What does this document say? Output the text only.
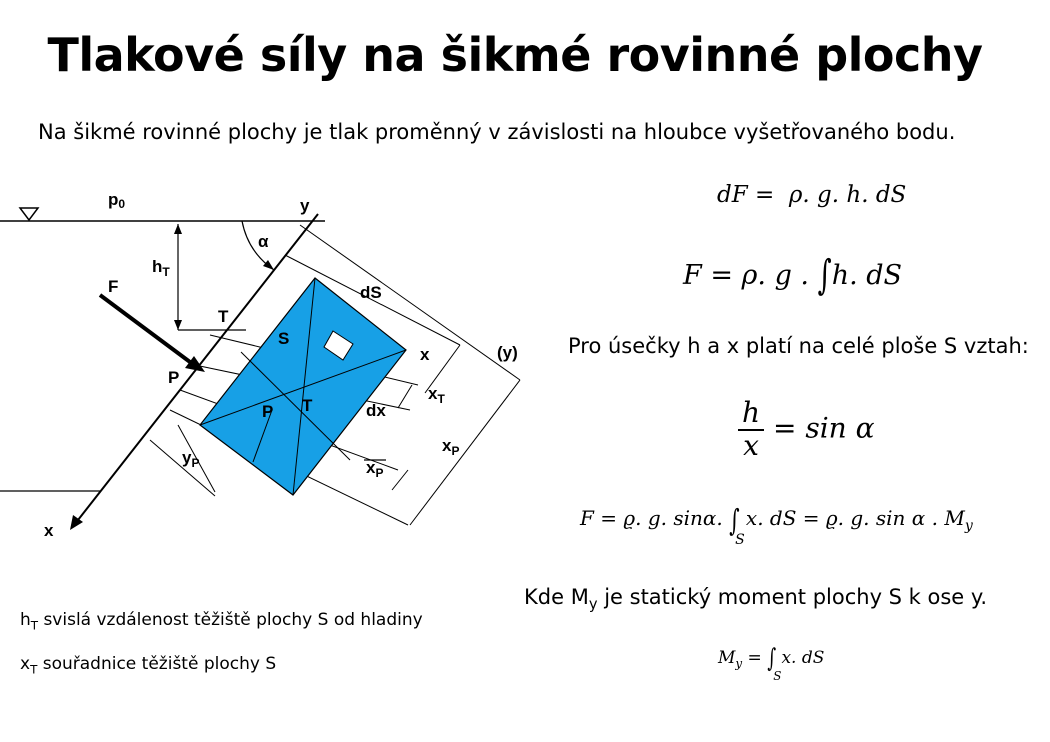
Tlakové síly na šikmé rovinné plochy
Na šikmé rovinné plochy je tlak proměnný v závislosti na hloubce vyšetřovaného bodu.
p0	y
α
$h_T$
F
T
dS
S
x	(y)
P
$x_T$
T
P	dx
$x_P$
$x_P$
$y_P$
x
dF =  ρ. g. h. dS
F = ρ. g . ∫h. dS
Pro úsečky h a x platí na celé ploše S vztah:
$\frac{h}{x} = \sin \alpha$
F = ϱ. g. sinα. ∫
S
x. dS = ϱ. g. sin α . $M_y$
Kde $M_y$ je statický moment plochy S k ose y.
$M_y$ = ∫
S
x. dS
$h_T$ svislá vzdálenost těžiště plochy S od hladiny
$x_T$ souřadnice těžiště plochy S
